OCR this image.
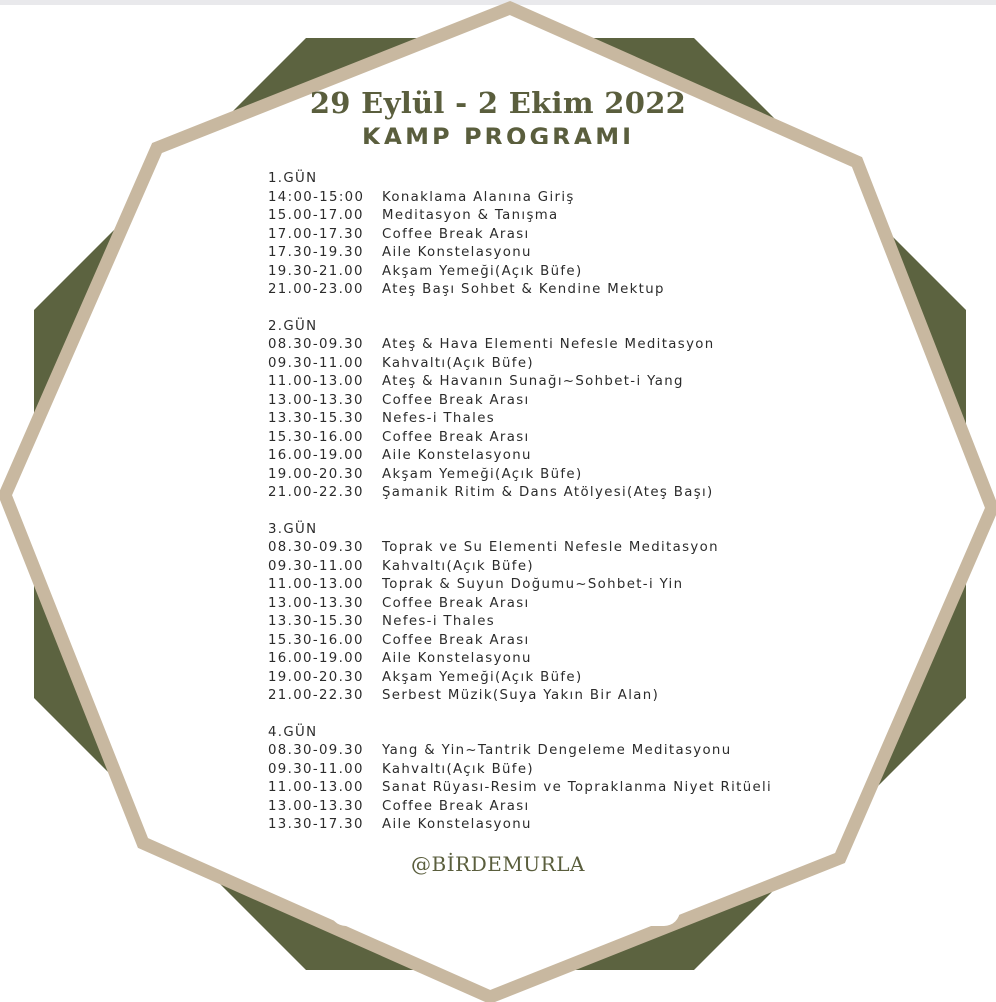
29 Eylül - 2 Ekim 2022
KAMP PROGRAMI
1.GÜN
14:00-15:00 Konaklama Alanına Giriş
15.00-17.00 Meditasyon & Tanışma
17.00-17.30 Coffee Break Arası
17.30-19.30 Aile Konstelasyonu
19.30-21.00 Akşam Yemeği(Açık Büfe)
21.00-23.00 Ateş Başı Sohbet & Kendine Mektup
2.GÜN
08.30-09.30 Ateş & Hava Elementi Nefesle Meditasyon
09.30-11.00 Kahvaltı(Açık Büfe)
11.00-13.00 Ateş & Havanın Sunağı~Sohbet-i Yang
13.00-13.30 Coffee Break Arası
13.30-15.30 Nefes-i Thales
15.30-16.00 Coffee Break Arası
16.00-19.00 Aile Konstelasyonu
19.00-20.30 Akşam Yemeği(Açık Büfe)
21.00-22.30 Şamanik Ritim & Dans Atölyesi(Ateş Başı)
3.GÜN
08.30-09.30 Toprak ve Su Elementi Nefesle Meditasyon
09.30-11.00 Kahvaltı(Açık Büfe)
11.00-13.00 Toprak & Suyun Doğumu~Sohbet-i Yin
13.00-13.30 Coffee Break Arası
13.30-15.30 Nefes-i Thales
15.30-16.00 Coffee Break Arası
16.00-19.00 Aile Konstelasyonu
19.00-20.30 Akşam Yemeği(Açık Büfe)
21.00-22.30 Serbest Müzik(Suya Yakın Bir Alan)
4.GÜN
08.30-09.30 Yang & Yin~Tantrik Dengeleme Meditasyonu
09.30-11.00 Kahvaltı(Açık Büfe)
11.00-13.00 Sanat Rüyası-Resim ve Topraklanma Niyet Ritüeli
13.00-13.30 Coffee Break Arası
13.30-17.30 Aile Konstelasyonu
@BİRDEMURLA
